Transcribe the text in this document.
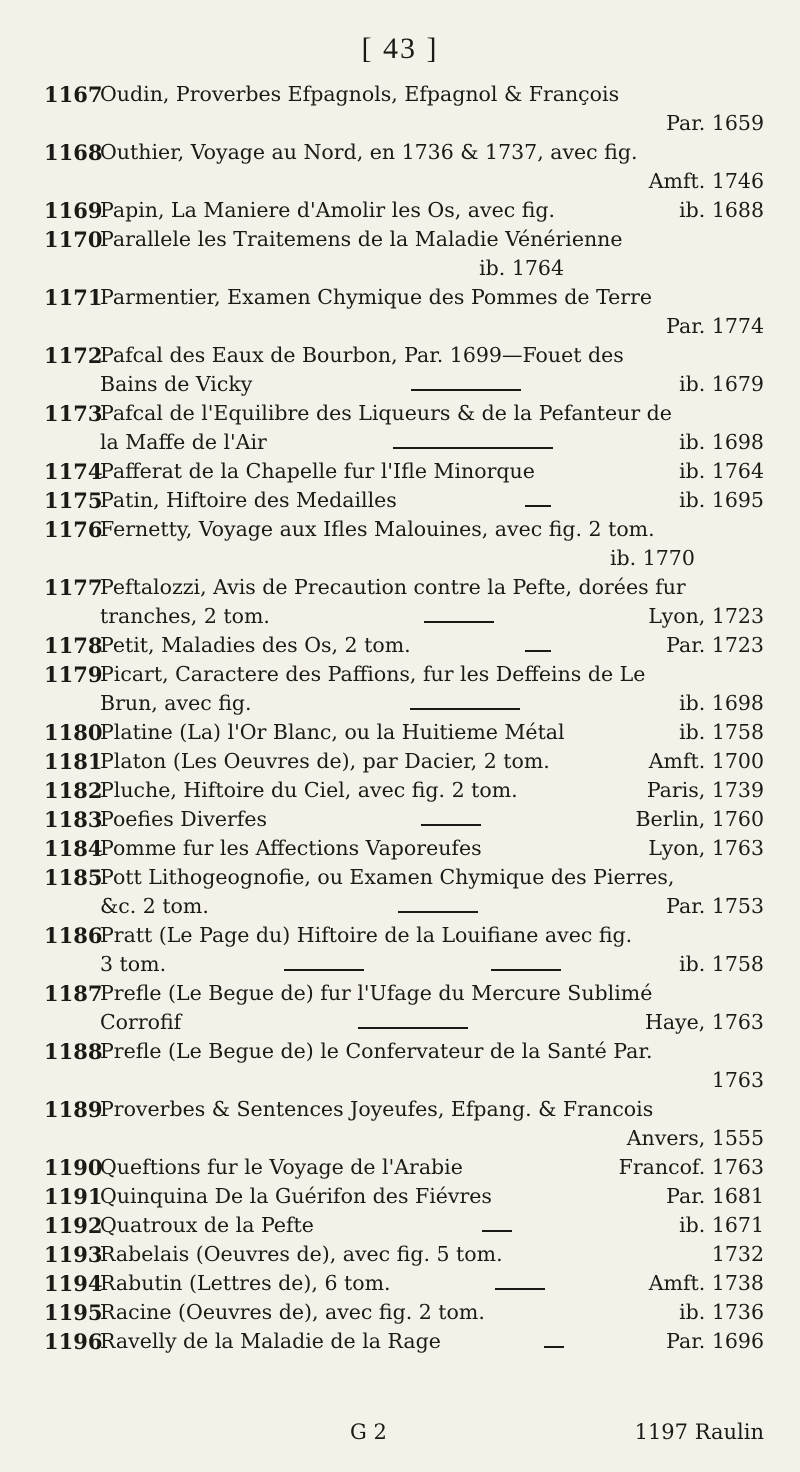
[ 43 ]
1167
Oudin, Proverbes Efpagnols, Efpagnol & François
Par. 1659
1168
Outhier, Voyage au Nord, en 1736 & 1737, avec fig.
Amft. 1746
1169
Papin, La Maniere d'Amolir les Os, avec fig.	ib. 1688
1170
Parallele les Traitemens de la Maladie Vénérienne
ib. 1764
1171
Parmentier, Examen Chymique des Pommes de Terre
Par. 1774
1172
Pafcal des Eaux de Bourbon, Par. 1699—Fouet des
Bains de Vicky	ib. 1679
1173
Pafcal de l'Equilibre des Liqueurs & de la Pefanteur de
la Maffe de l'Air	ib. 1698
1174
Pafferat de la Chapelle fur l'Ifle Minorque	ib. 1764
1175
Patin, Hiftoire des Medailles	ib. 1695
1176
Fernetty, Voyage aux Ifles Malouines, avec fig. 2 tom.
ib. 1770
1177
Peftalozzi, Avis de Precaution contre la Pefte, dorées fur
tranches, 2 tom.	Lyon, 1723
1178
Petit, Maladies des Os, 2 tom.	Par. 1723
1179
Picart, Caractere des Paffions, fur les Deffeins de Le
Brun, avec fig.	ib. 1698
1180
Platine (La) l'Or Blanc, ou la Huitieme Métal	ib. 1758
1181
Platon (Les Oeuvres de), par Dacier, 2 tom.	Amft. 1700
1182
Pluche, Hiftoire du Ciel, avec fig. 2 tom.	Paris, 1739
1183
Poefies Diverfes	Berlin, 1760
1184
Pomme fur les Affections Vaporeufes	Lyon, 1763
1185
Pott Lithogeognofie, ou Examen Chymique des Pierres,
&c. 2 tom.	Par. 1753
1186
Pratt (Le Page du) Hiftoire de la Louifiane avec fig.
3 tom.	ib. 1758
1187
Prefle (Le Begue de) fur l'Ufage du Mercure Sublimé
Corrofif	Haye, 1763
1188
Prefle (Le Begue de) le Confervateur de la Santé Par.
1763
1189
Proverbes & Sentences Joyeufes, Efpang. & Francois
Anvers, 1555
1190
Queftions fur le Voyage de l'Arabie	Francof. 1763
1191
Quinquina De la Guérifon des Fiévres	Par. 1681
1192
Quatroux de la Pefte	ib. 1671
1193
Rabelais (Oeuvres de), avec fig. 5 tom.	1732
1194
Rabutin (Lettres de), 6 tom.	Amft. 1738
1195
Racine (Oeuvres de), avec fig. 2 tom.	ib. 1736
1196
Ravelly de la Maladie de la Rage	Par. 1696
G 2	1197 Raulin
